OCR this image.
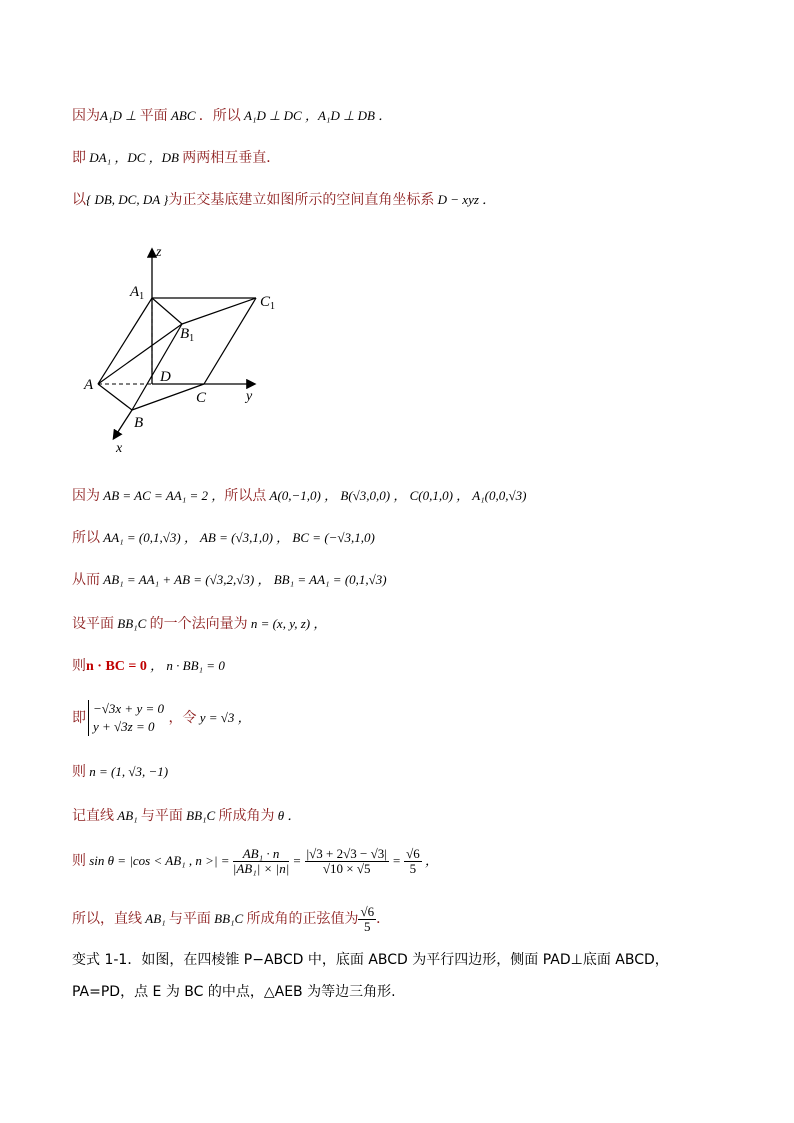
因为A₁D ⊥ 平面 ABC ．所以 A₁D ⊥ DC ，A₁D ⊥ DB ．
即 DA₁ ，DC ，DB 两两相互垂直．
以{ DB, DC, DA }为正交基底建立如图所示的空间直角坐标系 D − xyz ．
z
y
x
$A_1$
$B_1$
$C_1$
A	D
B
C
因为 AB = AC = AA₁ = 2 ，所以点 A(0,−1,0) ， B(√3,0,0) ， C(0,1,0) ， A₁(0,0,√3)
所以 AA₁ = (0,1,√3) ， AB = (√3,1,0) ， BC = (−√3,1,0)
从而 AB₁ = AA₁ + AB = (√3,2,√3) ， BB₁ = AA₁ = (0,1,√3)
设平面 BB₁C 的一个法向量为 n = (x, y, z) ，
则n · BC = 0 ， n · BB₁ = 0
即
−√3x + y = 0
y + √3z = 0
，令 y = √3 ，
则 n = (1, √3, −1)
记直线 AB₁ 与平面 BB₁C 所成角为 θ ．
则 sin θ = |cos < AB₁ , n >| = $\frac{\text{AB₁ · n}}{\text{|AB₁| × |n|}} = \frac{|√3 + 2√3 - √3|}{√10 \times √5} = \frac{√6}{5}$ ，
所以，直线 AB₁ 与平面 BB₁C 所成角的正弦值为 $\frac{√6}{5}$ ．
变式 1-1．如图，在四棱锥 P−ABCD 中，底面 ABCD 为平行四边形，侧面 PAD⊥底面 ABCD，
PA=PD，点 E 为 BC 的中点，△AEB 为等边三角形.
